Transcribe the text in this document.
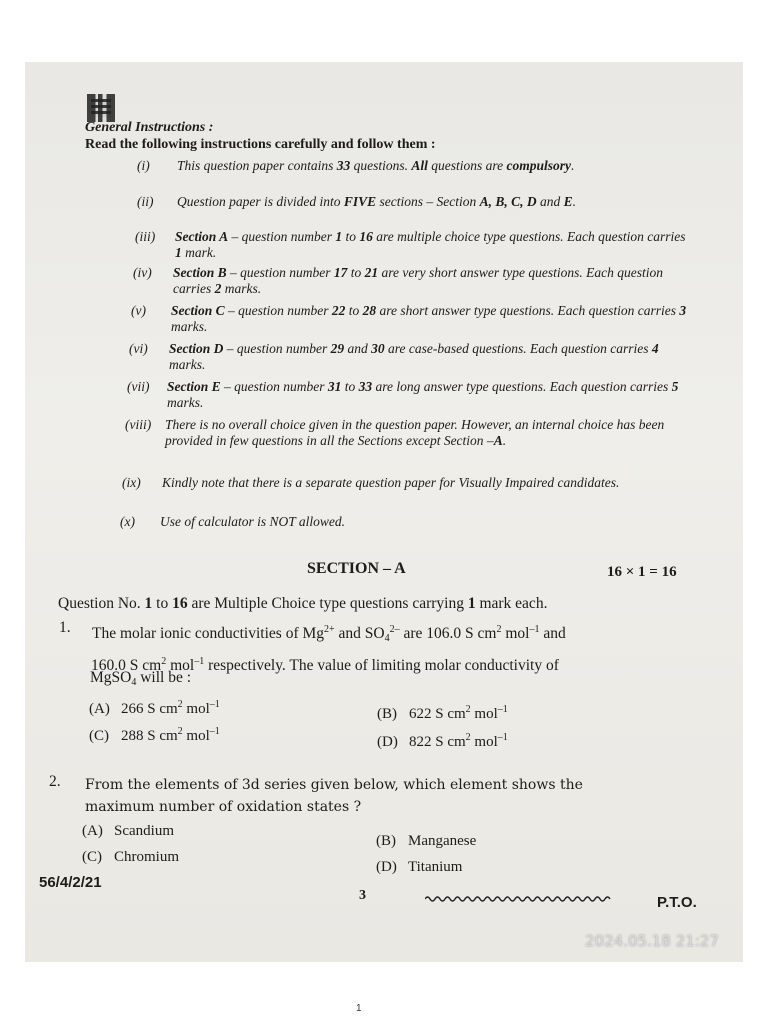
General Instructions :
Read the following instructions carefully and follow them :
(i)	This question paper contains 33 questions. All questions are compulsory.
(ii)	Question paper is divided into FIVE sections – Section A, B, C, D and E.
(iii)	Section A – question number 1 to 16 are multiple choice type questions. Each question carries 1 mark.
(iv)	Section B – question number 17 to 21 are very short answer type questions. Each question carries 2 marks.
(v)	Section C – question number 22 to 28 are short answer type questions. Each question carries 3 marks.
(vi)	Section D – question number 29 and 30 are case-based questions. Each question carries 4 marks.
(vii)	Section E – question number 31 to 33 are long answer type questions. Each question carries 5 marks.
(viii)	There is no overall choice given in the question paper. However, an internal choice has been provided in few questions in all the Sections except Section –A.
(ix)	Kindly note that there is a separate question paper for Visually Impaired candidates.
(x)	Use of calculator is NOT allowed.
SECTION – A	16 × 1 = 16
Question No. 1 to 16 are Multiple Choice type questions carrying 1 mark each.
1. The molar ionic conductivities of $Mg^{2+}$ and $SO_4^{2-}$ are 106.0 S $cm^2$ mol$^{-1}$ and
160.0 S $cm^2$ mol$^{-1}$ respectively. The value of limiting molar conductivity of
MgSO$_4$ will be :
(A) 266 S $cm^2$ mol$^{-1}$
(B) 622 S $cm^2$ mol$^{-1}$
(C) 288 S $cm^2$ mol$^{-1}$
(D) 822 S $cm^2$ mol$^{-1}$
2. From the elements of 3d series given below, which element shows the
maximum number of oxidation states ?
(A) Scandium
(B) Manganese
(C) Chromium
(D) Titanium
56/4/2/21
3	P.T.O.
2024.05.18 21:27
1
